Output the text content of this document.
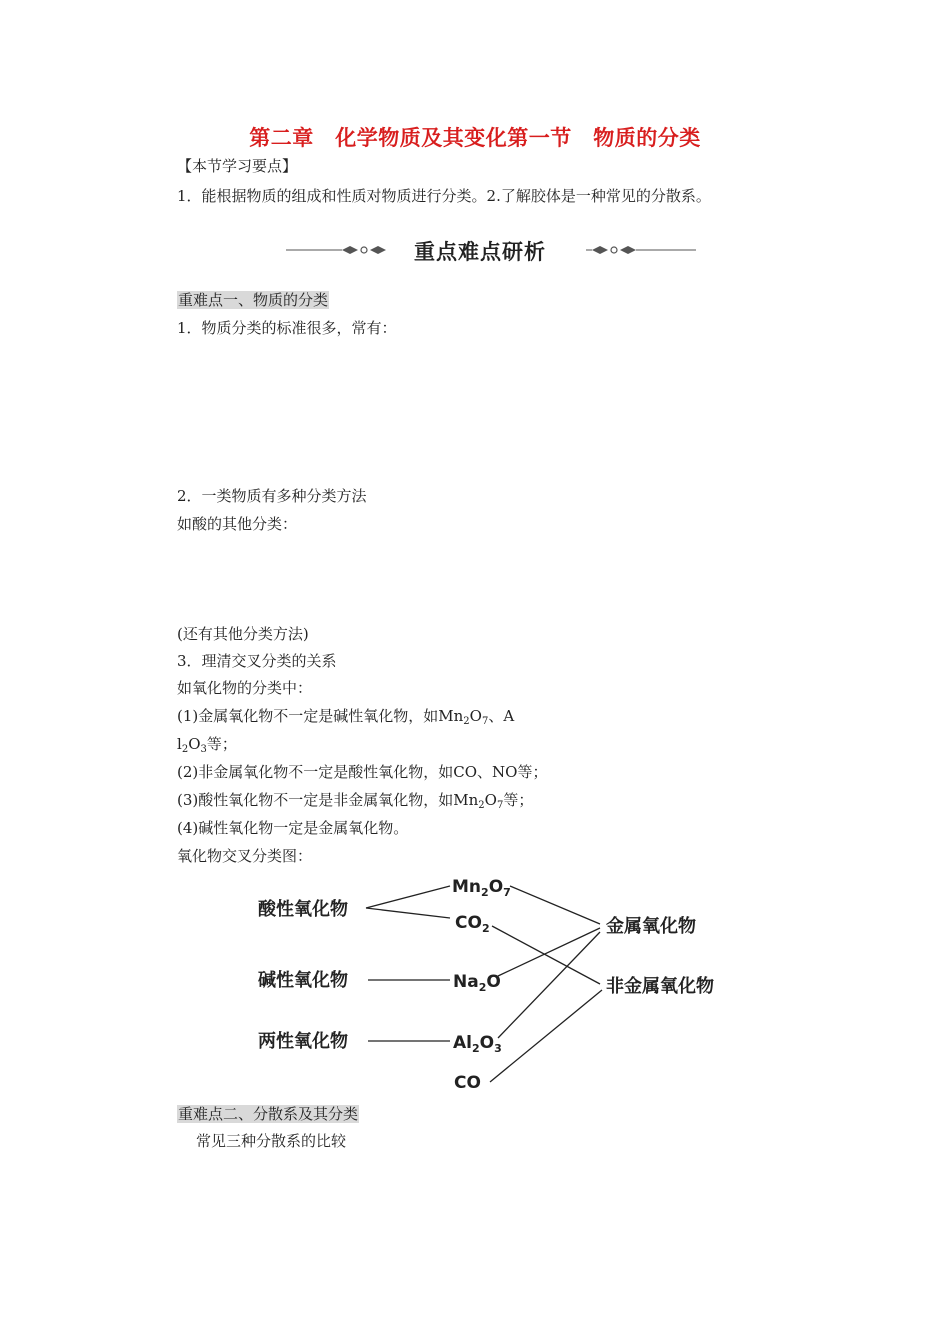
第二章　化学物质及其变化第一节　物质的分类
【本节学习要点】
1．能根据物质的组成和性质对物质进行分类。2.了解胶体是一种常见的分散系。
重点难点研析
重难点一、物质的分类
1．物质分类的标准很多，常有：
2．一类物质有多种分类方法
如酸的其他分类：
(还有其他分类方法)
3．理清交叉分类的关系
如氧化物的分类中：
(1)金属氧化物不一定是碱性氧化物，如$Mn_2O_7$、A
$l_2O_3$等；
(2)非金属氧化物不一定是酸性氧化物，如CO、NO等；
(3)酸性氧化物不一定是非金属氧化物，如$Mn_2O_7$等；
(4)碱性氧化物一定是金属氧化物。
氧化物交叉分类图：
酸性氧化物
碱性氧化物
两性氧化物
$Mn_2O_7$
$CO_2$
$Na_2O$
$Al_2O_3$
CO
金属氧化物
非金属氧化物
重难点二、分散系及其分类
常见三种分散系的比较
